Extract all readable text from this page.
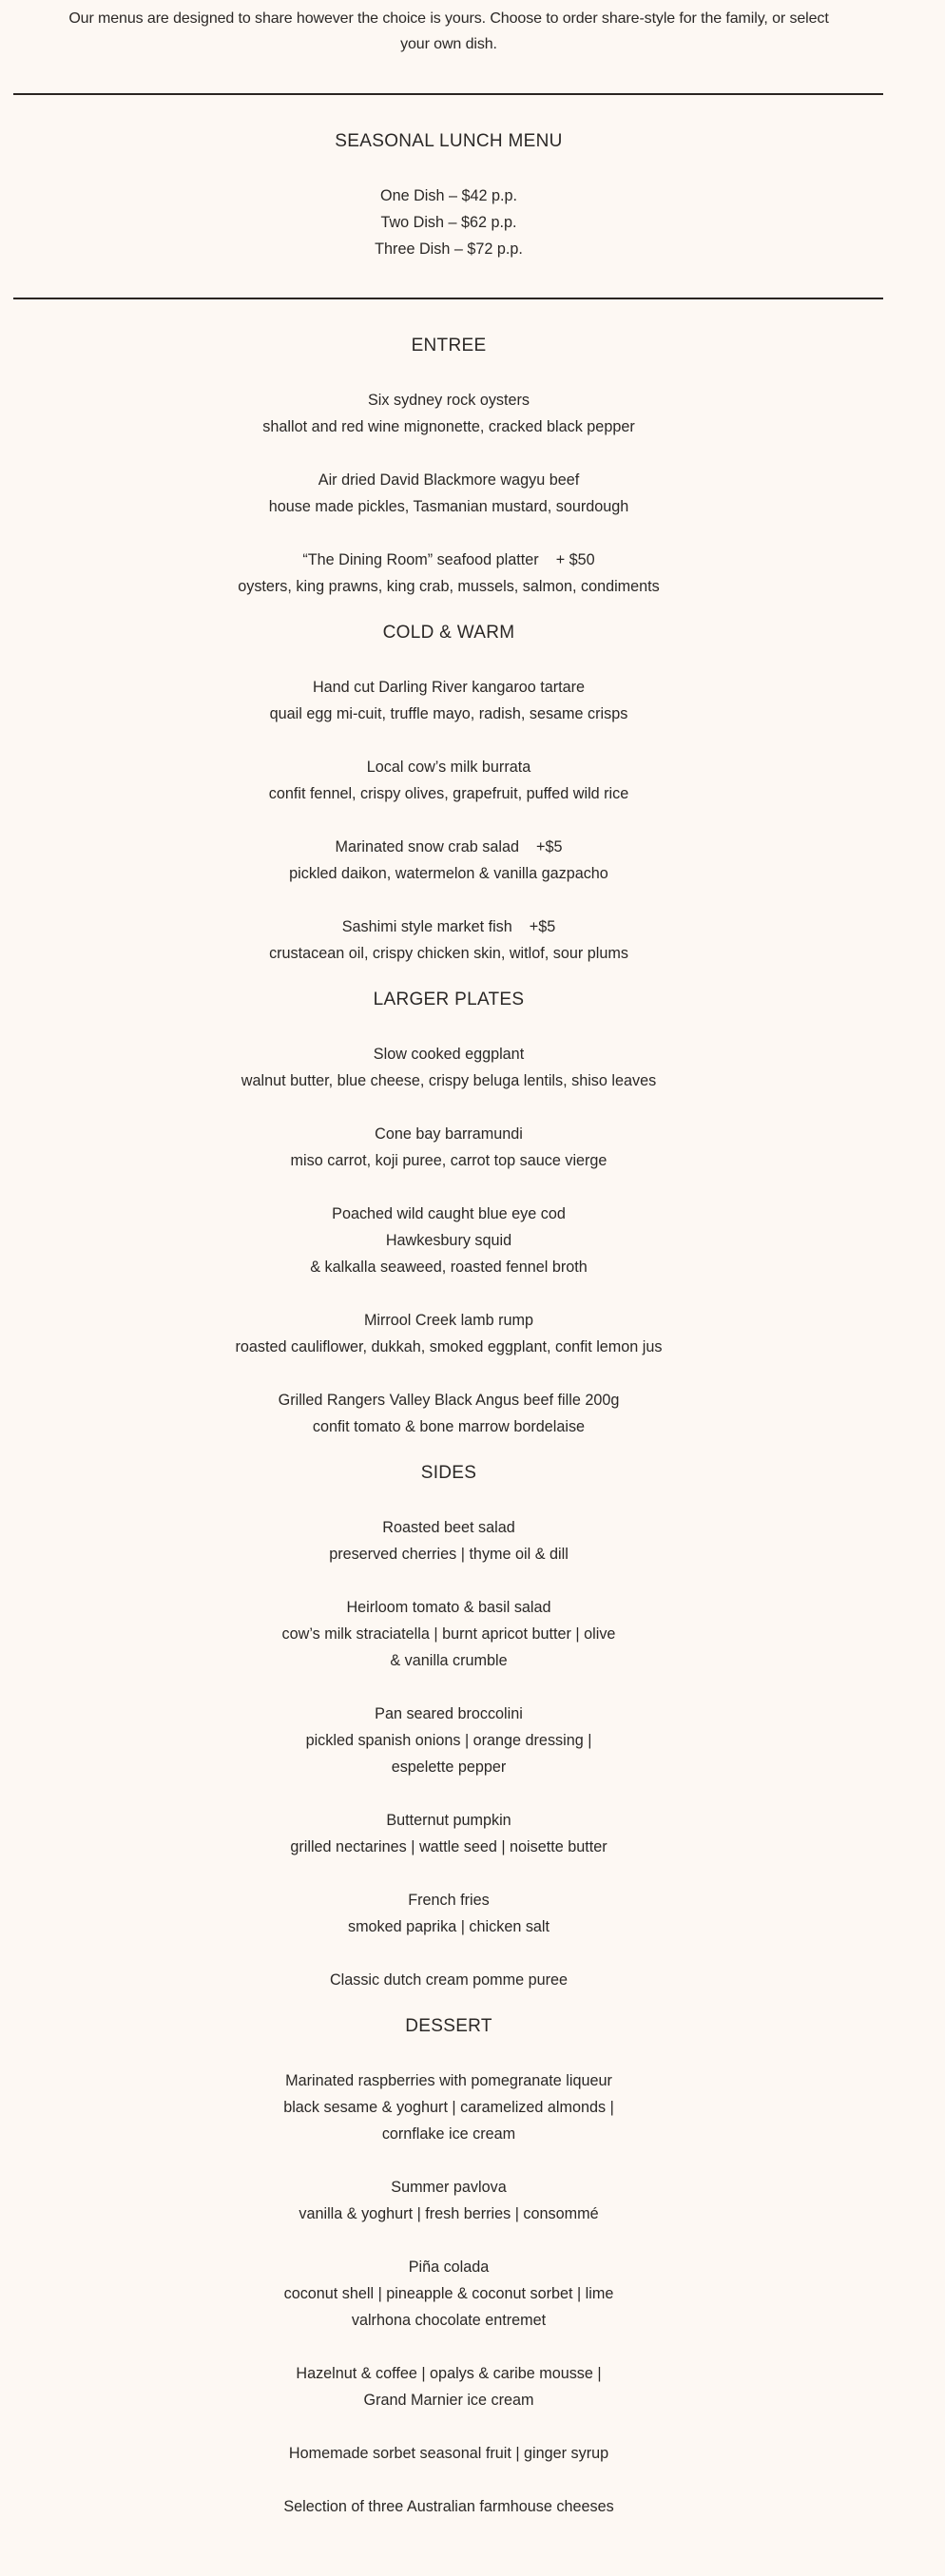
Our menus are designed to share however the choice is yours. Choose to order share-style for the family, or select
your own dish.
SEASONAL LUNCH MENU
One Dish – $42 p.p.
Two Dish – $62 p.p.
Three Dish – $72 p.p.
ENTREE
Six sydney rock oysters
shallot and red wine mignonette, cracked black pepper
Air dried David Blackmore wagyu beef
house made pickles, Tasmanian mustard, sourdough
“The Dining Room” seafood platter + $50
oysters, king prawns, king crab, mussels, salmon, condiments
COLD & WARM
Hand cut Darling River kangaroo tartare
quail egg mi-cuit, truffle mayo, radish, sesame crisps
Local cow’s milk burrata
confit fennel, crispy olives, grapefruit, puffed wild rice
Marinated snow crab salad +$5
pickled daikon, watermelon & vanilla gazpacho
Sashimi style market fish +$5
crustacean oil, crispy chicken skin, witlof, sour plums
LARGER PLATES
Slow cooked eggplant
walnut butter, blue cheese, crispy beluga lentils, shiso leaves
Cone bay barramundi
miso carrot, koji puree, carrot top sauce vierge
Poached wild caught blue eye cod
Hawkesbury squid
& kalkalla seaweed, roasted fennel broth
Mirrool Creek lamb rump
roasted cauliflower, dukkah, smoked eggplant, confit lemon jus
Grilled Rangers Valley Black Angus beef fille 200g
confit tomato & bone marrow bordelaise
SIDES
Roasted beet salad
preserved cherries | thyme oil & dill
Heirloom tomato & basil salad
cow’s milk straciatella | burnt apricot butter | olive
& vanilla crumble
Pan seared broccolini
pickled spanish onions | orange dressing |
espelette pepper
Butternut pumpkin
grilled nectarines | wattle seed | noisette butter
French fries
smoked paprika | chicken salt
Classic dutch cream pomme puree
DESSERT
Marinated raspberries with pomegranate liqueur
black sesame & yoghurt | caramelized almonds |
cornflake ice cream
Summer pavlova
vanilla & yoghurt | fresh berries | consommé
Piña colada
coconut shell | pineapple & coconut sorbet | lime
valrhona chocolate entremet
Hazelnut & coffee | opalys & caribe mousse |
Grand Marnier ice cream
Homemade sorbet seasonal fruit | ginger syrup
Selection of three Australian farmhouse cheeses
